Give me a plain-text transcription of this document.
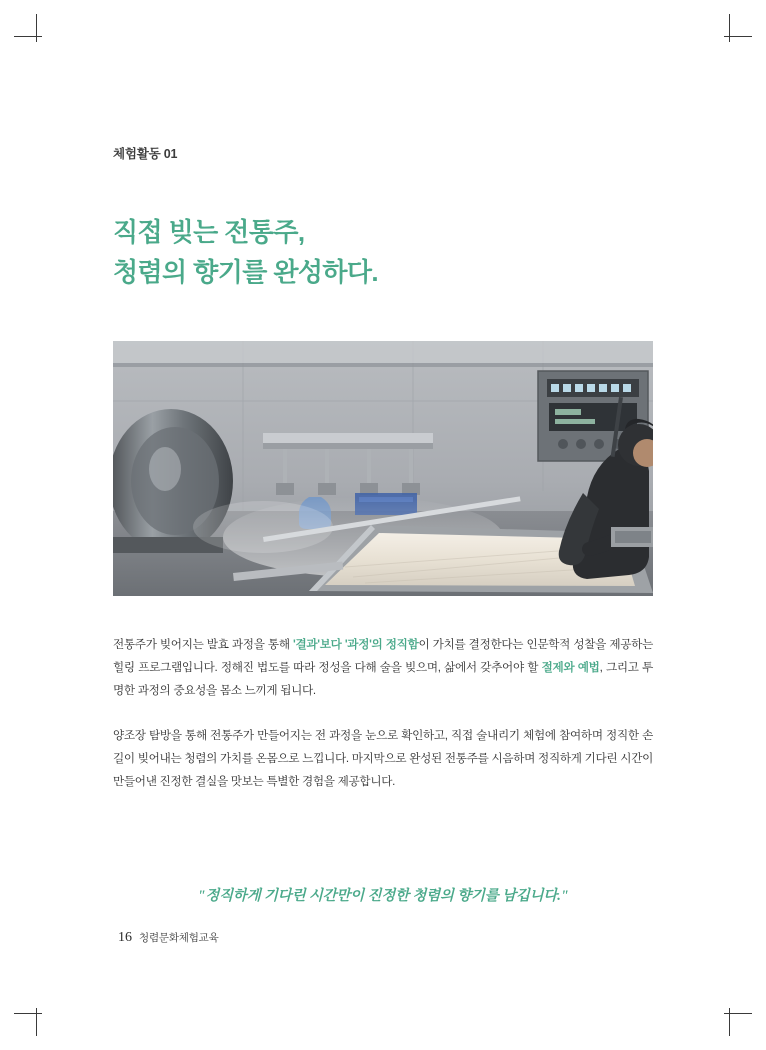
체험활동 01
직접 빚는 전통주,
청렴의 향기를 완성하다.

전통주가 빚어지는 발효 과정을 통해 '결과'보다 '과정'의 정직함이 가치를 결정한다는 인문학적 성찰을 제공하는 힐링 프로그램입니다. 정해진 법도를 따라 정성을 다해 술을 빚으며, 삶에서 갖추어야 할 절제와 예법, 그리고 투명한 과정의 중요성을 몸소 느끼게 됩니다.

양조장 탐방을 통해 전통주가 만들어지는 전 과정을 눈으로 확인하고, 직접 술내리기 체험에 참여하며 정직한 손길이 빚어내는 청렴의 가치를 온몸으로 느낍니다. 마지막으로 완성된 전통주를 시음하며 정직하게 기다린 시간이 만들어낸 진정한 결실을 맛보는 특별한 경험을 제공합니다.

"정직하게 기다린 시간만이 진정한 청렴의 향기를 남깁니다."
16 청렴문화체험교육
